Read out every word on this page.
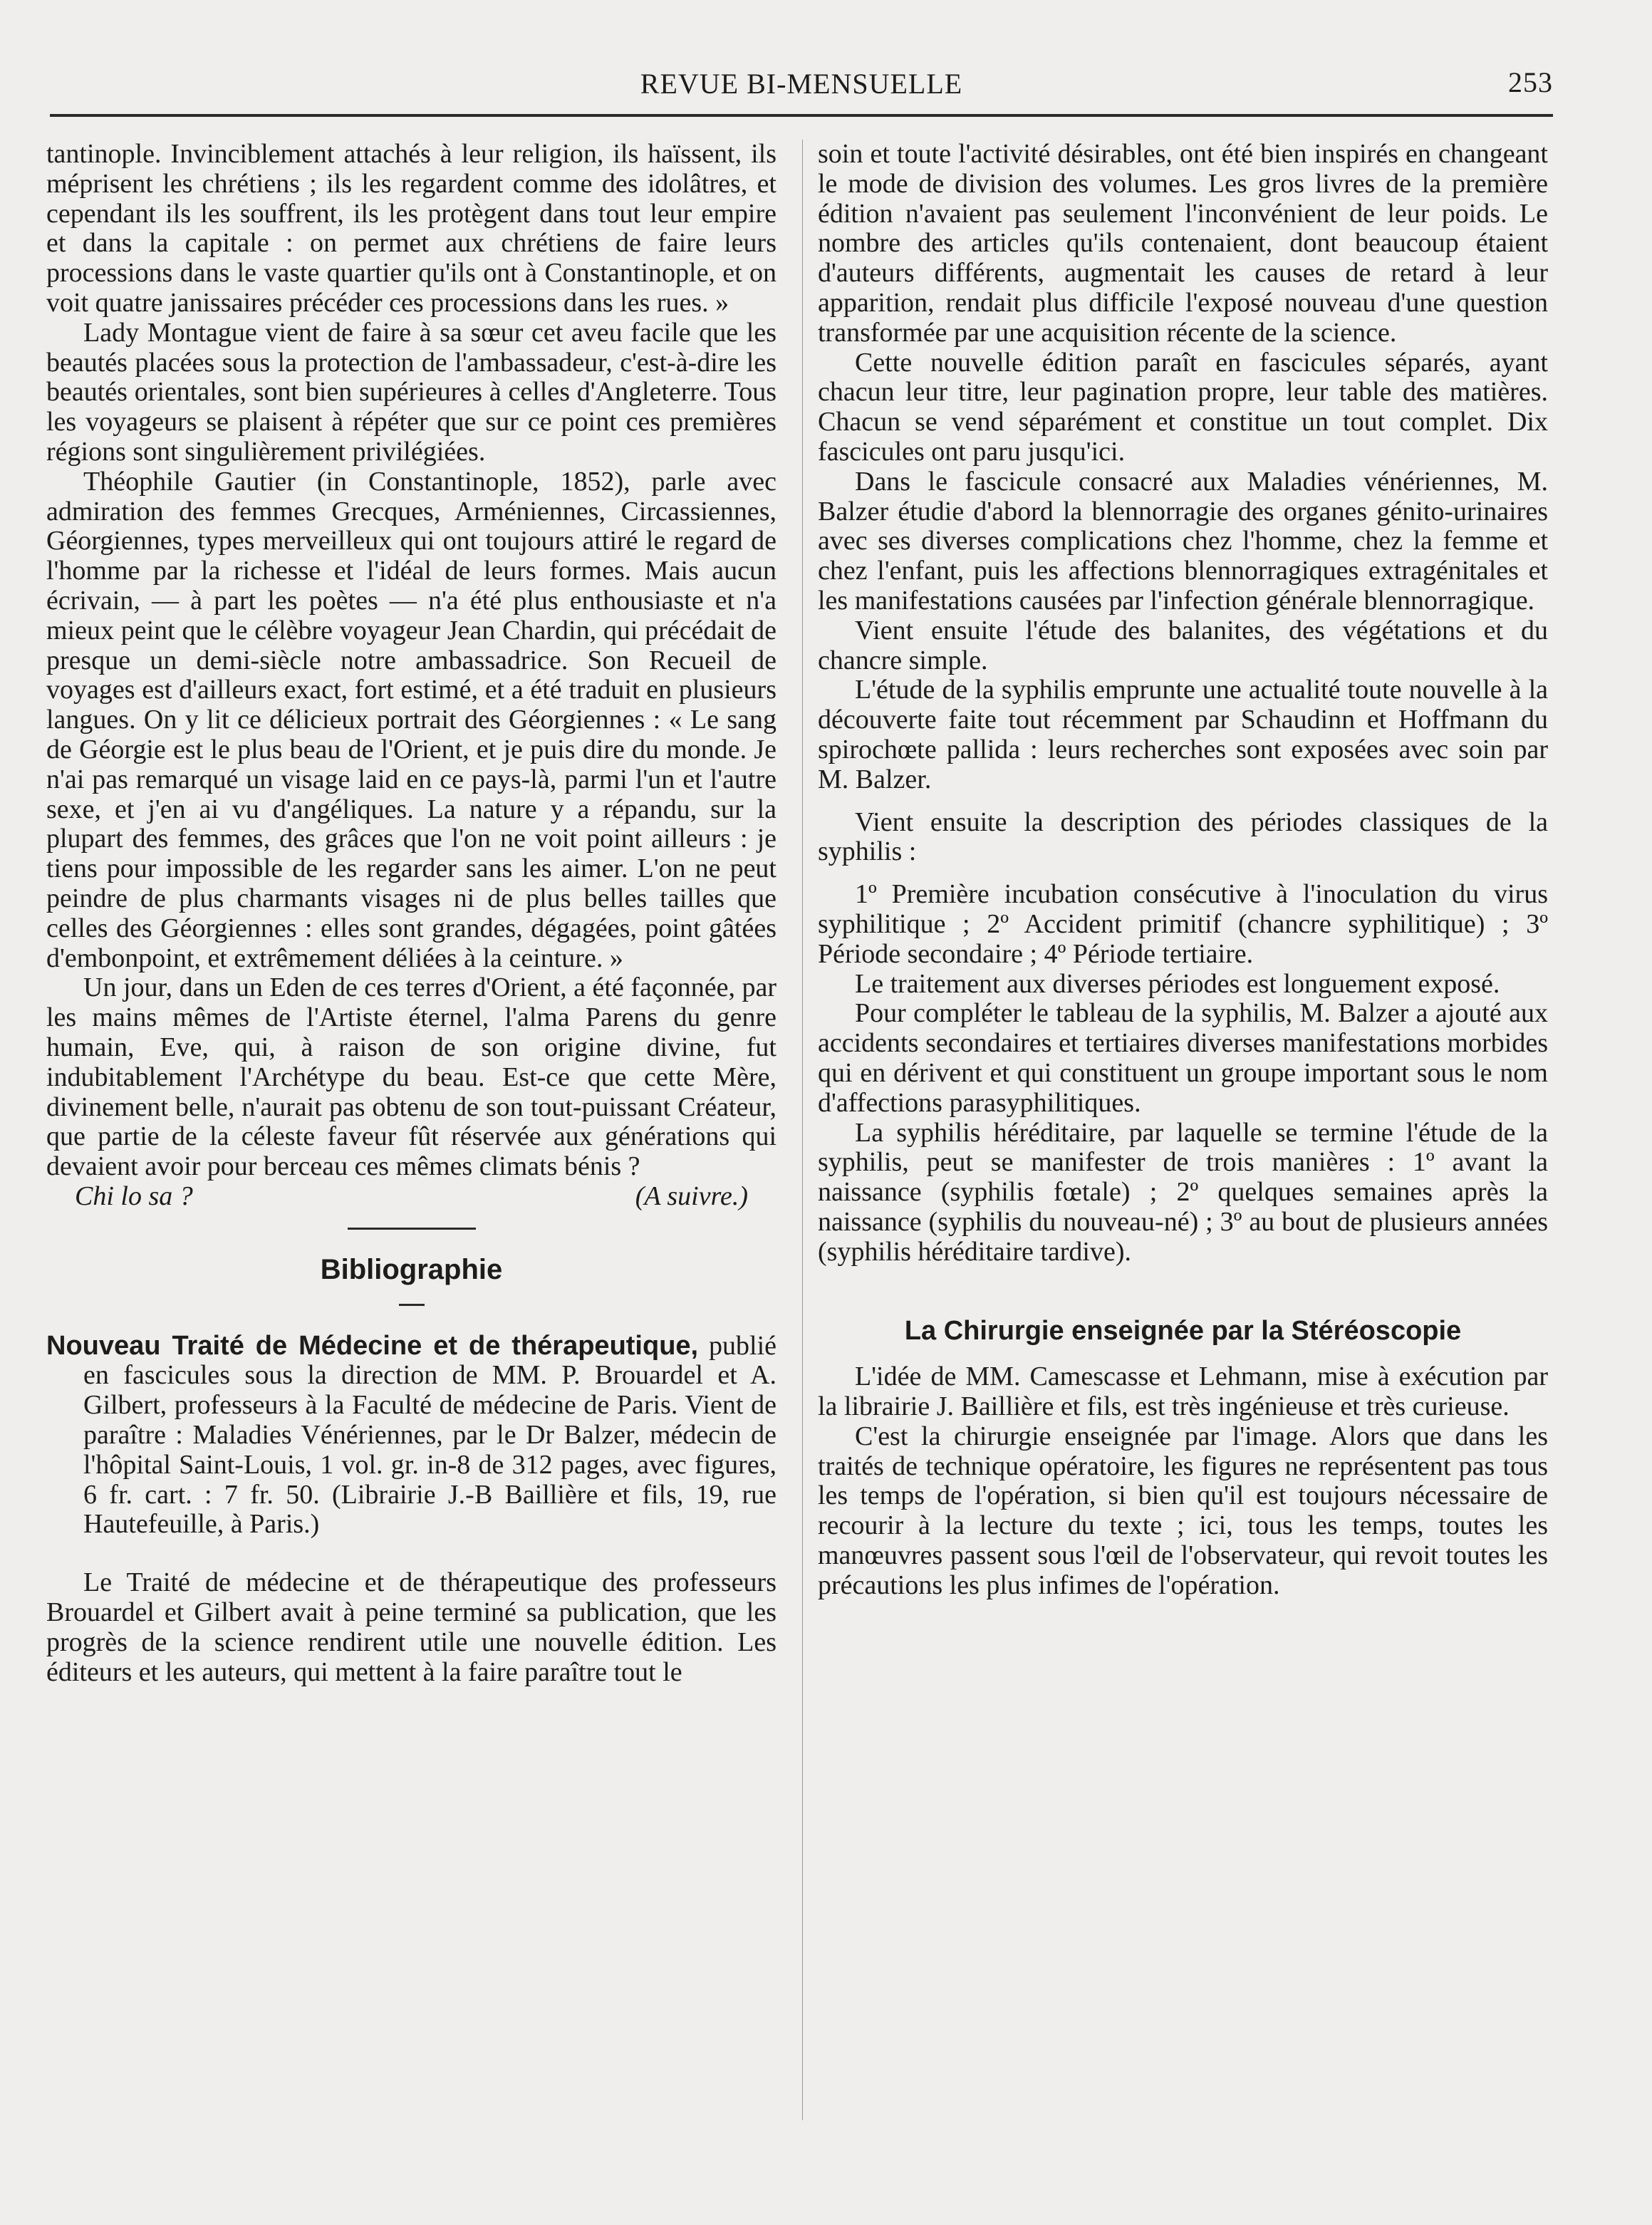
REVUE BI-MENSUELLE	253

tantinople. Invinciblement attachés à leur religion, ils haïssent, ils méprisent les chrétiens ; ils les regardent comme des idolâtres, et cependant ils les souffrent, ils les protègent dans tout leur empire et dans la capitale : on permet aux chrétiens de faire leurs processions dans le vaste quartier qu'ils ont à Constantinople, et on voit quatre janissaires précéder ces processions dans les rues. »

Lady Montague vient de faire à sa sœur cet aveu facile que les beautés placées sous la protection de l'ambassadeur, c'est-à-dire les beautés orientales, sont bien supérieures à celles d'Angleterre. Tous les voyageurs se plaisent à répéter que sur ce point ces premières régions sont singulièrement privilégiées.

Théophile Gautier (in Constantinople, 1852), parle avec admiration des femmes Grecques, Arméniennes, Circassiennes, Géorgiennes, types merveilleux qui ont toujours attiré le regard de l'homme par la richesse et l'idéal de leurs formes. Mais aucun écrivain, — à part les poètes — n'a été plus enthousiaste et n'a mieux peint que le célèbre voyageur Jean Chardin, qui précédait de presque un demi-siècle notre ambassadrice. Son Recueil de voyages est d'ailleurs exact, fort estimé, et a été traduit en plusieurs langues. On y lit ce délicieux portrait des Géorgiennes : « Le sang de Géorgie est le plus beau de l'Orient, et je puis dire du monde. Je n'ai pas remarqué un visage laid en ce pays-là, parmi l'un et l'autre sexe, et j'en ai vu d'angéliques. La nature y a répandu, sur la plupart des femmes, des grâces que l'on ne voit point ailleurs : je tiens pour impossible de les regarder sans les aimer. L'on ne peut peindre de plus charmants visages ni de plus belles tailles que celles des Géorgiennes : elles sont grandes, dégagées, point gâtées d'embonpoint, et extrêmement déliées à la ceinture. »

Un jour, dans un Eden de ces terres d'Orient, a été façonnée, par les mains mêmes de l'Artiste éternel, l'alma Parens du genre humain, Eve, qui, à raison de son origine divine, fut indubitablement l'Archétype du beau. Est-ce que cette Mère, divinement belle, n'aurait pas obtenu de son tout-puissant Créateur, que partie de la céleste faveur fût réservée aux générations qui devaient avoir pour berceau ces mêmes climats bénis ?

Chi lo sa ?	(A suivre.)
Bibliographie

Nouveau Traité de Médecine et de thérapeutique, publié en fascicules sous la direction de MM. P. Brouardel et A. Gilbert, professeurs à la Faculté de médecine de Paris. Vient de paraître : Maladies Vénériennes, par le Dr Balzer, médecin de l'hôpital Saint-Louis, 1 vol. gr. in-8 de 312 pages, avec figures, 6 fr. cart. : 7 fr. 50. (Librairie J.-B Baillière et fils, 19, rue Hautefeuille, à Paris.)

Le Traité de médecine et de thérapeutique des professeurs Brouardel et Gilbert avait à peine terminé sa publication, que les progrès de la science rendirent utile une nouvelle édition. Les éditeurs et les auteurs, qui mettent à la faire paraître tout le

soin et toute l'activité désirables, ont été bien inspirés en changeant le mode de division des volumes. Les gros livres de la première édition n'avaient pas seulement l'inconvénient de leur poids. Le nombre des articles qu'ils contenaient, dont beaucoup étaient d'auteurs différents, augmentait les causes de retard à leur apparition, rendait plus difficile l'exposé nouveau d'une question transformée par une acquisition récente de la science.

Cette nouvelle édition paraît en fascicules séparés, ayant chacun leur titre, leur pagination propre, leur table des matières. Chacun se vend séparément et constitue un tout complet. Dix fascicules ont paru jusqu'ici.

Dans le fascicule consacré aux Maladies vénériennes, M. Balzer étudie d'abord la blennorragie des organes génito-urinaires avec ses diverses complications chez l'homme, chez la femme et chez l'enfant, puis les affections blennorragiques extragénitales et les manifestations causées par l'infection générale blennorragique.

Vient ensuite l'étude des balanites, des végétations et du chancre simple.

L'étude de la syphilis emprunte une actualité toute nouvelle à la découverte faite tout récemment par Schaudinn et Hoffmann du spirochœte pallida : leurs recherches sont exposées avec soin par M. Balzer.

Vient ensuite la description des périodes classiques de la syphilis :

1º Première incubation consécutive à l'inoculation du virus syphilitique ; 2º Accident primitif (chancre syphilitique) ; 3º Période secondaire ; 4º Période tertiaire.

Le traitement aux diverses périodes est longuement exposé.

Pour compléter le tableau de la syphilis, M. Balzer a ajouté aux accidents secondaires et tertiaires diverses manifestations morbides qui en dérivent et qui constituent un groupe important sous le nom d'affections parasyphilitiques.

La syphilis héréditaire, par laquelle se termine l'étude de la syphilis, peut se manifester de trois manières : 1º avant la naissance (syphilis fœtale) ; 2º quelques semaines après la naissance (syphilis du nouveau-né) ; 3º au bout de plusieurs années (syphilis héréditaire tardive).

La Chirurgie enseignée par la Stéréoscopie

L'idée de MM. Camescasse et Lehmann, mise à exécution par la librairie J. Baillière et fils, est très ingénieuse et très curieuse.

C'est la chirurgie enseignée par l'image. Alors que dans les traités de technique opératoire, les figures ne représentent pas tous les temps de l'opération, si bien qu'il est toujours nécessaire de recourir à la lecture du texte ; ici, tous les temps, toutes les manœuvres passent sous l'œil de l'observateur, qui revoit toutes les précautions les plus infimes de l'opération.
